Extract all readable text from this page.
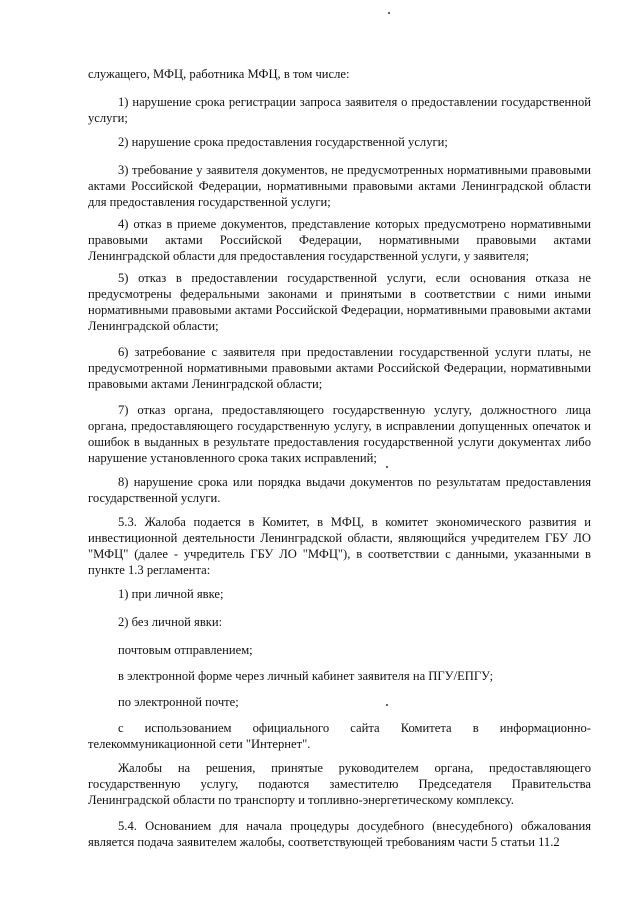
служащего, МФЦ, работника МФЦ, в том числе:

1) нарушение срока регистрации запроса заявителя о предоставлении государственной услуги;

2) нарушение срока предоставления государственной услуги;

3) требование у заявителя документов, не предусмотренных нормативными правовыми актами Российской Федерации, нормативными правовыми актами Ленинградской области для предоставления государственной услуги;

4) отказ в приеме документов, представление которых предусмотрено нормативными правовыми актами Российской Федерации, нормативными правовыми актами Ленинградской области для предоставления государственной услуги, у заявителя;

5) отказ в предоставлении государственной услуги, если основания отказа не предусмотрены федеральными законами и принятыми в соответствии с ними иными нормативными правовыми актами Российской Федерации, нормативными правовыми актами Ленинградской области;

6) затребование с заявителя при предоставлении государственной услуги платы, не предусмотренной нормативными правовыми актами Российской Федерации, нормативными правовыми актами Ленинградской области;

7) отказ органа, предоставляющего государственную услугу, должностного лица органа, предоставляющего государственную услугу, в исправлении допущенных опечаток и ошибок в выданных в результате предоставления государственной услуги документах либо нарушение установленного срока таких исправлений;

8) нарушение срока или порядка выдачи документов по результатам предоставления государственной услуги.

5.3. Жалоба подается в Комитет, в МФЦ, в комитет экономического развития и инвестиционной деятельности Ленинградской области, являющийся учредителем ГБУ ЛО "МФЦ" (далее - учредитель ГБУ ЛО "МФЦ"), в соответствии с данными, указанными в пункте 1.3 регламента:

1) при личной явке;

2) без личной явки:

почтовым отправлением;

в электронной форме через личный кабинет заявителя на ПГУ/ЕПГУ;

по электронной почте;

с использованием официального сайта Комитета в информационно-телекоммуникационной сети "Интернет".

Жалобы на решения, принятые руководителем органа, предоставляющего государственную услугу, подаются заместителю Председателя Правительства Ленинградской области по транспорту и топливно-энергетическому комплексу.

5.4. Основанием для начала процедуры досудебного (внесудебного) обжалования является подача заявителем жалобы, соответствующей требованиям части 5 статьи 11.2
